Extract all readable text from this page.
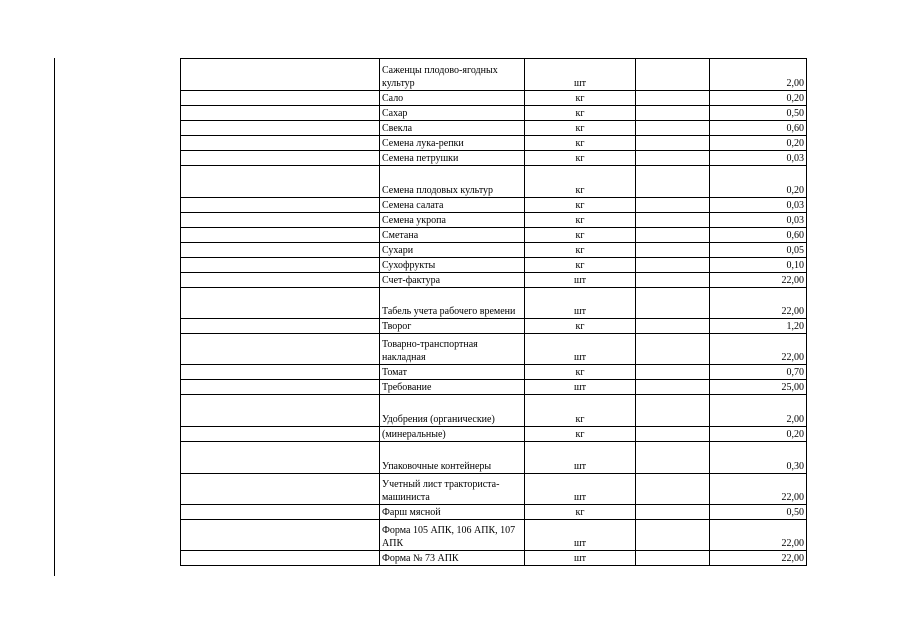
	Саженцы плодово-ягодных культур	шт		2,00
	Сало	кг		0,20
	Сахар	кг		0,50
	Свекла	кг		0,60
	Семена лука-репки	кг		0,20
	Семена петрушки	кг		0,03
	Семена плодовых культур	кг		0,20
	Семена салата	кг		0,03
	Семена укропа	кг		0,03
	Сметана	кг		0,60
	Сухари	кг		0,05
	Сухофрукты	кг		0,10
	Счет-фактура	шт		22,00
	Табель учета рабочего времени	шт		22,00
	Творог	кг		1,20
	Товарно-транспортная накладная	шт		22,00
	Томат	кг		0,70
	Требование	шт		25,00
	Удобрения (органические)	кг		2,00
	(минеральные)	кг		0,20
	Упаковочные контейнеры	шт		0,30
	Учетный лист тракториста-машиниста	шт		22,00
	Фарш мясной	кг		0,50
	Форма 105 АПК, 106 АПК, 107 АПК	шт		22,00
	Форма № 73 АПК	шт		22,00
